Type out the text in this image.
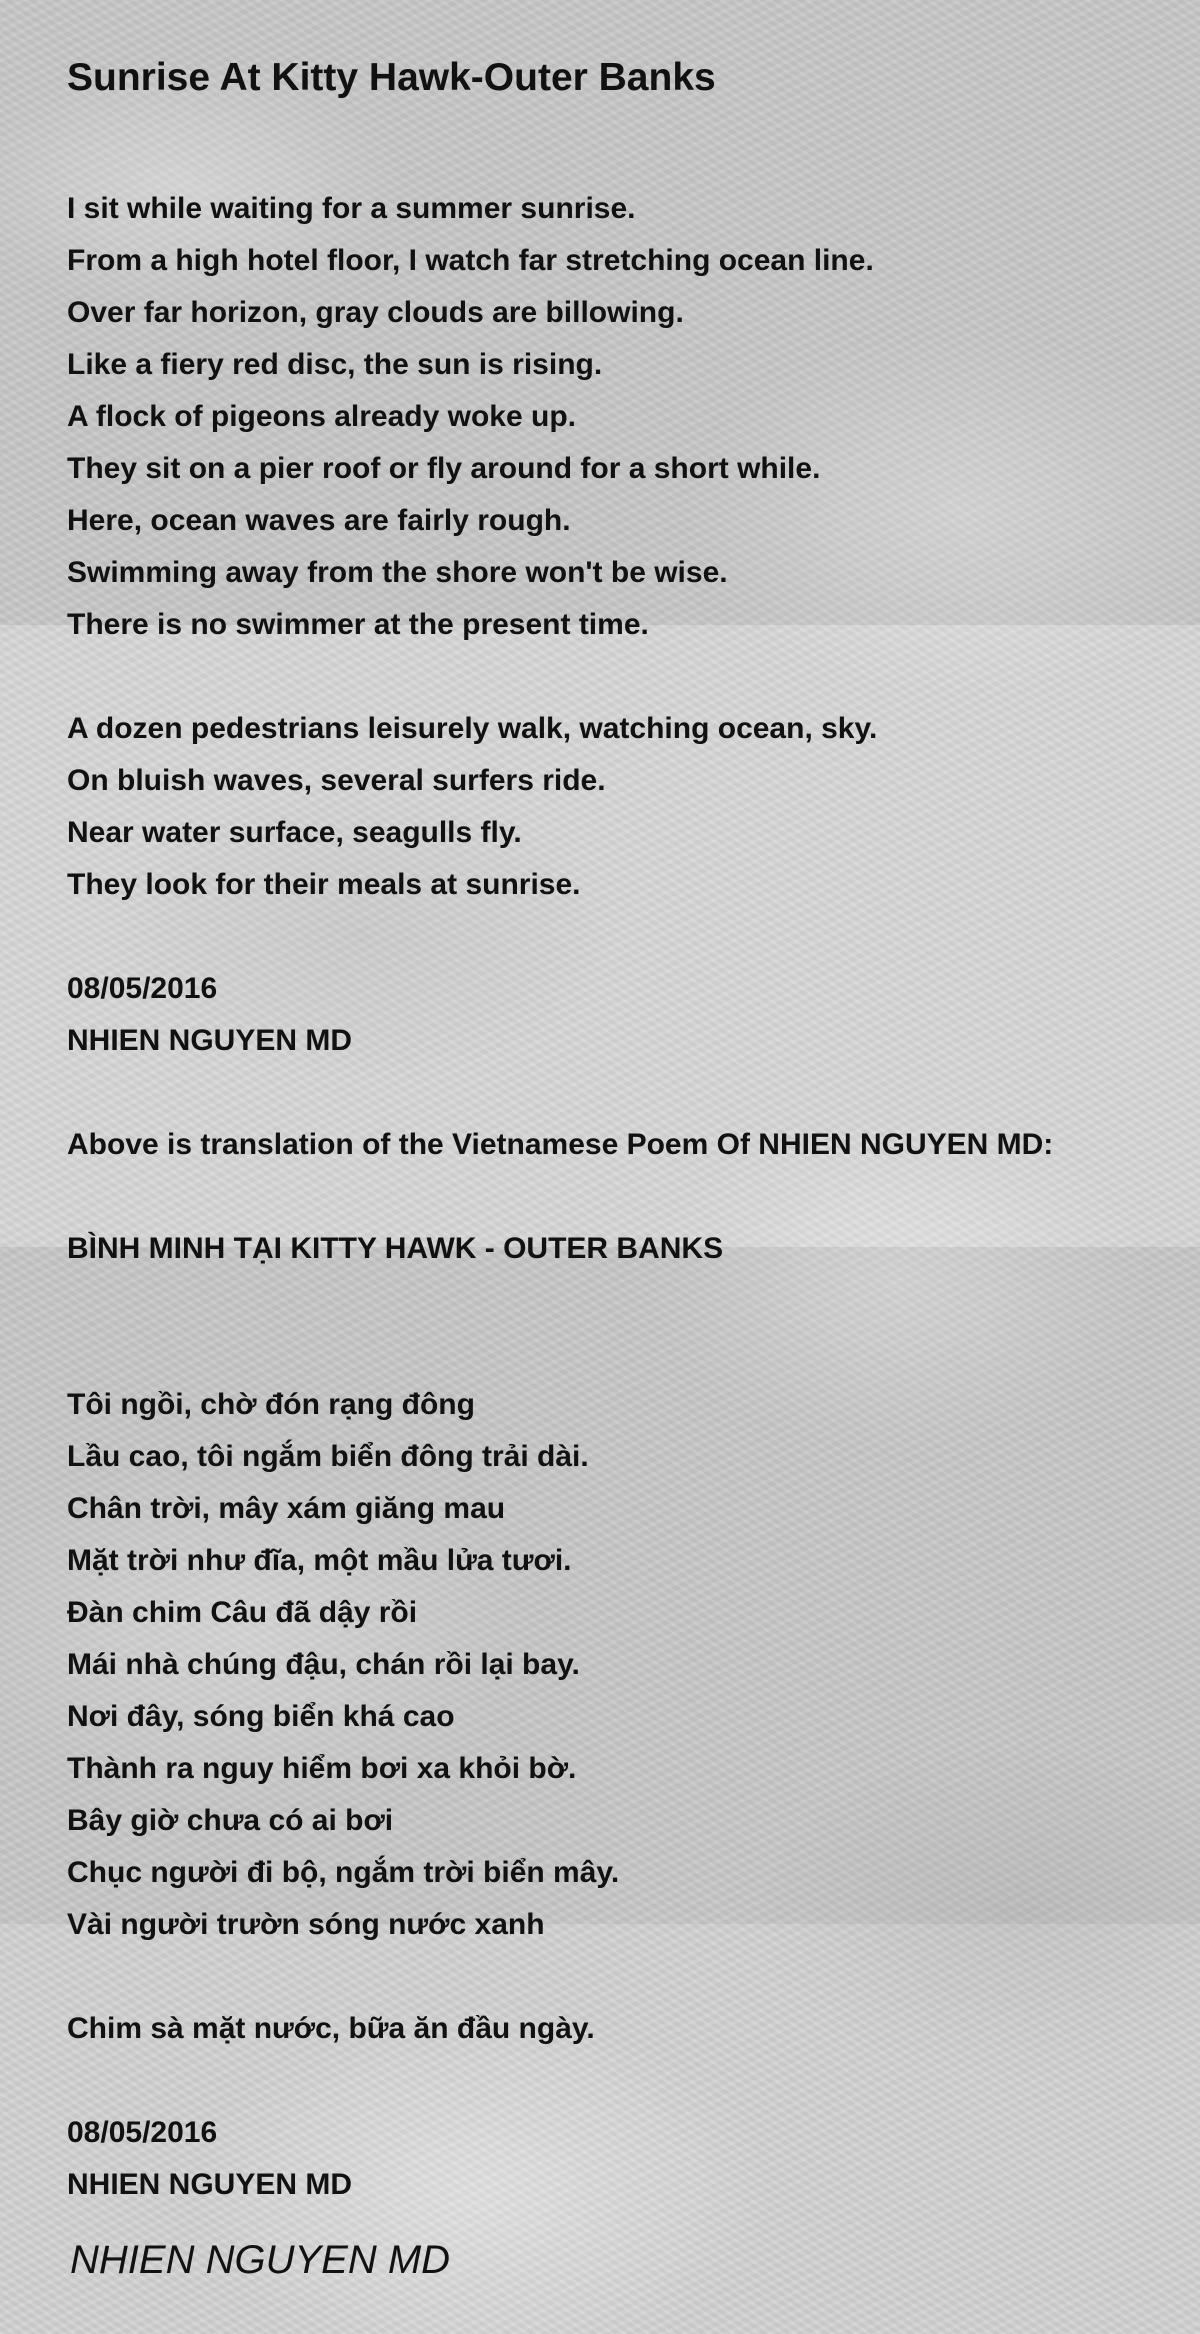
Sunrise At Kitty Hawk-Outer Banks
I sit while waiting for a summer sunrise.
From a high hotel floor, I watch far stretching ocean line.
Over far horizon, gray clouds are billowing.
Like a fiery red disc, the sun is rising.
A flock of pigeons already woke up.
They sit on a pier roof or fly around for a short while.
Here, ocean waves are fairly rough.
Swimming away from the shore won't be wise.
There is no swimmer at the present time.
A dozen pedestrians leisurely walk, watching ocean, sky.
On bluish waves, several surfers ride.
Near water surface, seagulls fly.
They look for their meals at sunrise.
08/05/2016
NHIEN NGUYEN MD
Above is translation of the Vietnamese Poem Of NHIEN NGUYEN MD:
BÌNH MINH TẠI KITTY HAWK - OUTER BANKS
Tôi ngồi, chờ đón rạng đông
Lầu cao, tôi ngắm biển đông trải dài.
Chân trời, mây xám giăng mau
Mặt trời như đĩa, một mầu lửa tươi.
Đàn chim Câu đã dậy rồi
Mái nhà chúng đậu, chán rồi lại bay.
Nơi đây, sóng biển khá cao
Thành ra nguy hiểm bơi xa khỏi bờ.
Bây giờ chưa có ai bơi
Chục người đi bộ, ngắm trời biển mây.
Vài người trườn sóng nước xanh
Chim sà mặt nước, bữa ăn đầu ngày.
08/05/2016
NHIEN NGUYEN MD
NHIEN NGUYEN MD
